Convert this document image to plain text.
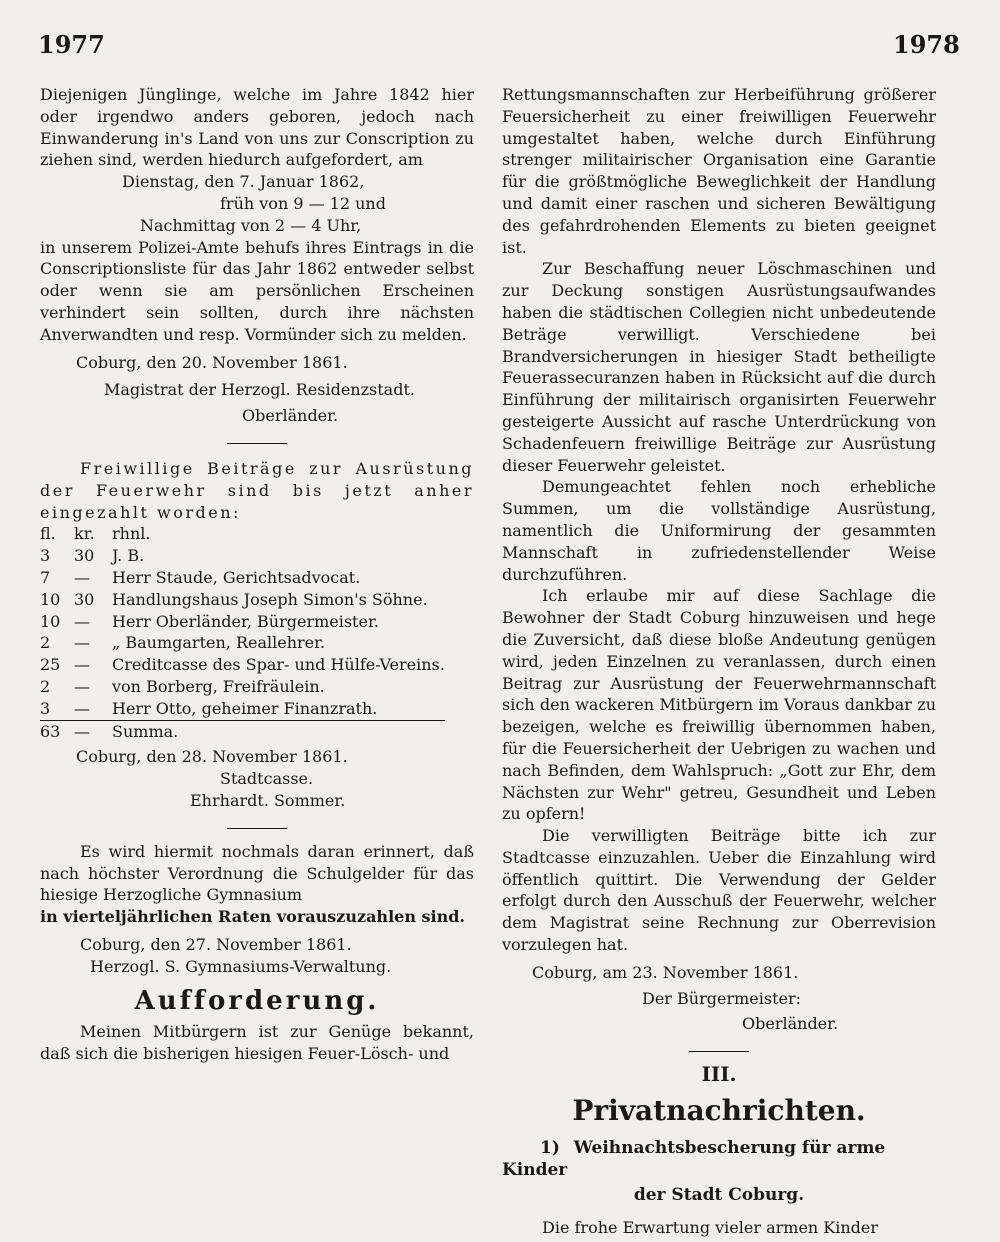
1977	1978

Diejenigen Jünglinge, welche im Jahre 1842 hier oder irgendwo anders geboren, jedoch nach Einwanderung in's Land von uns zur Conscription zu ziehen sind, werden hiedurch aufgefordert, am

Dienstag, den 7. Januar 1862,
früh von 9 — 12 und
Nachmittag von 2 — 4 Uhr,

in unserem Polizei-Amte behufs ihres Eintrags in die Conscriptionsliste für das Jahr 1862 entweder selbst oder wenn sie am persönlichen Erscheinen verhindert sein sollten, durch ihre nächsten Anverwandten und resp. Vormünder sich zu melden.

Coburg, den 20. November 1861.
Magistrat der Herzogl. Residenzstadt.
Oberländer.

Freiwillige Beiträge zur Ausrüstung der Feuerwehr sind bis jetzt anher eingezahlt worden:

fl.	kr.	rhnl.
3	30	J. B.
7	—	Herr Staude, Gerichtsadvocat.
10	30	Handlungshaus Joseph Simon's Söhne.
10	—	Herr Oberländer, Bürgermeister.
2	—	„ Baumgarten, Reallehrer.
25	—	Creditcasse des Spar- und Hülfe-Vereins.
2	—	von Borberg, Freifräulein.
3	—	Herr Otto, geheimer Finanzrath.
63	—	Summa.
Coburg, den 28. November 1861.
Stadtcasse.
Ehrhardt. Sommer.

Es wird hiermit nochmals daran erinnert, daß nach höchster Verordnung die Schulgelder für das hiesige Herzogliche Gymnasium

in vierteljährlichen Raten vorauszuzahlen sind.

Coburg, den 27. November 1861.
Herzogl. S. Gymnasiums-Verwaltung.
Aufforderung.

Meinen Mitbürgern ist zur Genüge bekannt, daß sich die bisherigen hiesigen Feuer-Lösch- und

Rettungsmannschaften zur Herbeiführung größerer Feuersicherheit zu einer freiwilligen Feuerwehr umgestaltet haben, welche durch Einführung strenger militairischer Organisation eine Garantie für die größtmögliche Beweglichkeit der Handlung und damit einer raschen und sicheren Bewältigung des gefahrdrohenden Elements zu bieten geeignet ist.

Zur Beschaffung neuer Löschmaschinen und zur Deckung sonstigen Ausrüstungsaufwandes haben die städtischen Collegien nicht unbedeutende Beträge verwilligt. Verschiedene bei Brandversicherungen in hiesiger Stadt betheiligte Feuerassecuranzen haben in Rücksicht auf die durch Einführung der militairisch organisirten Feuerwehr gesteigerte Aussicht auf rasche Unterdrückung von Schadenfeuern freiwillige Beiträge zur Ausrüstung dieser Feuerwehr geleistet.

Demungeachtet fehlen noch erhebliche Summen, um die vollständige Ausrüstung, namentlich die Uniformirung der gesammten Mannschaft in zufriedenstellender Weise durchzuführen.

Ich erlaube mir auf diese Sachlage die Bewohner der Stadt Coburg hinzuweisen und hege die Zuversicht, daß diese bloße Andeutung genügen wird, jeden Einzelnen zu veranlassen, durch einen Beitrag zur Ausrüstung der Feuerwehrmannschaft sich den wackeren Mitbürgern im Voraus dankbar zu bezeigen, welche es freiwillig übernommen haben, für die Feuersicherheit der Uebrigen zu wachen und nach Befinden, dem Wahlspruch: „Gott zur Ehr, dem Nächsten zur Wehr" getreu, Gesundheit und Leben zu opfern!

Die verwilligten Beiträge bitte ich zur Stadtcasse einzuzahlen. Ueber die Einzahlung wird öffentlich quittirt. Die Verwendung der Gelder erfolgt durch den Ausschuß der Feuerwehr, welcher dem Magistrat seine Rechnung zur Oberrevision vorzulegen hat.

Coburg, am 23. November 1861.
Der Bürgermeister:
Oberländer.
III.
Privatnachrichten.
1) Weihnachtsbescherung für arme Kinder
der Stadt Coburg.

Die frohe Erwartung vieler armen Kinder
